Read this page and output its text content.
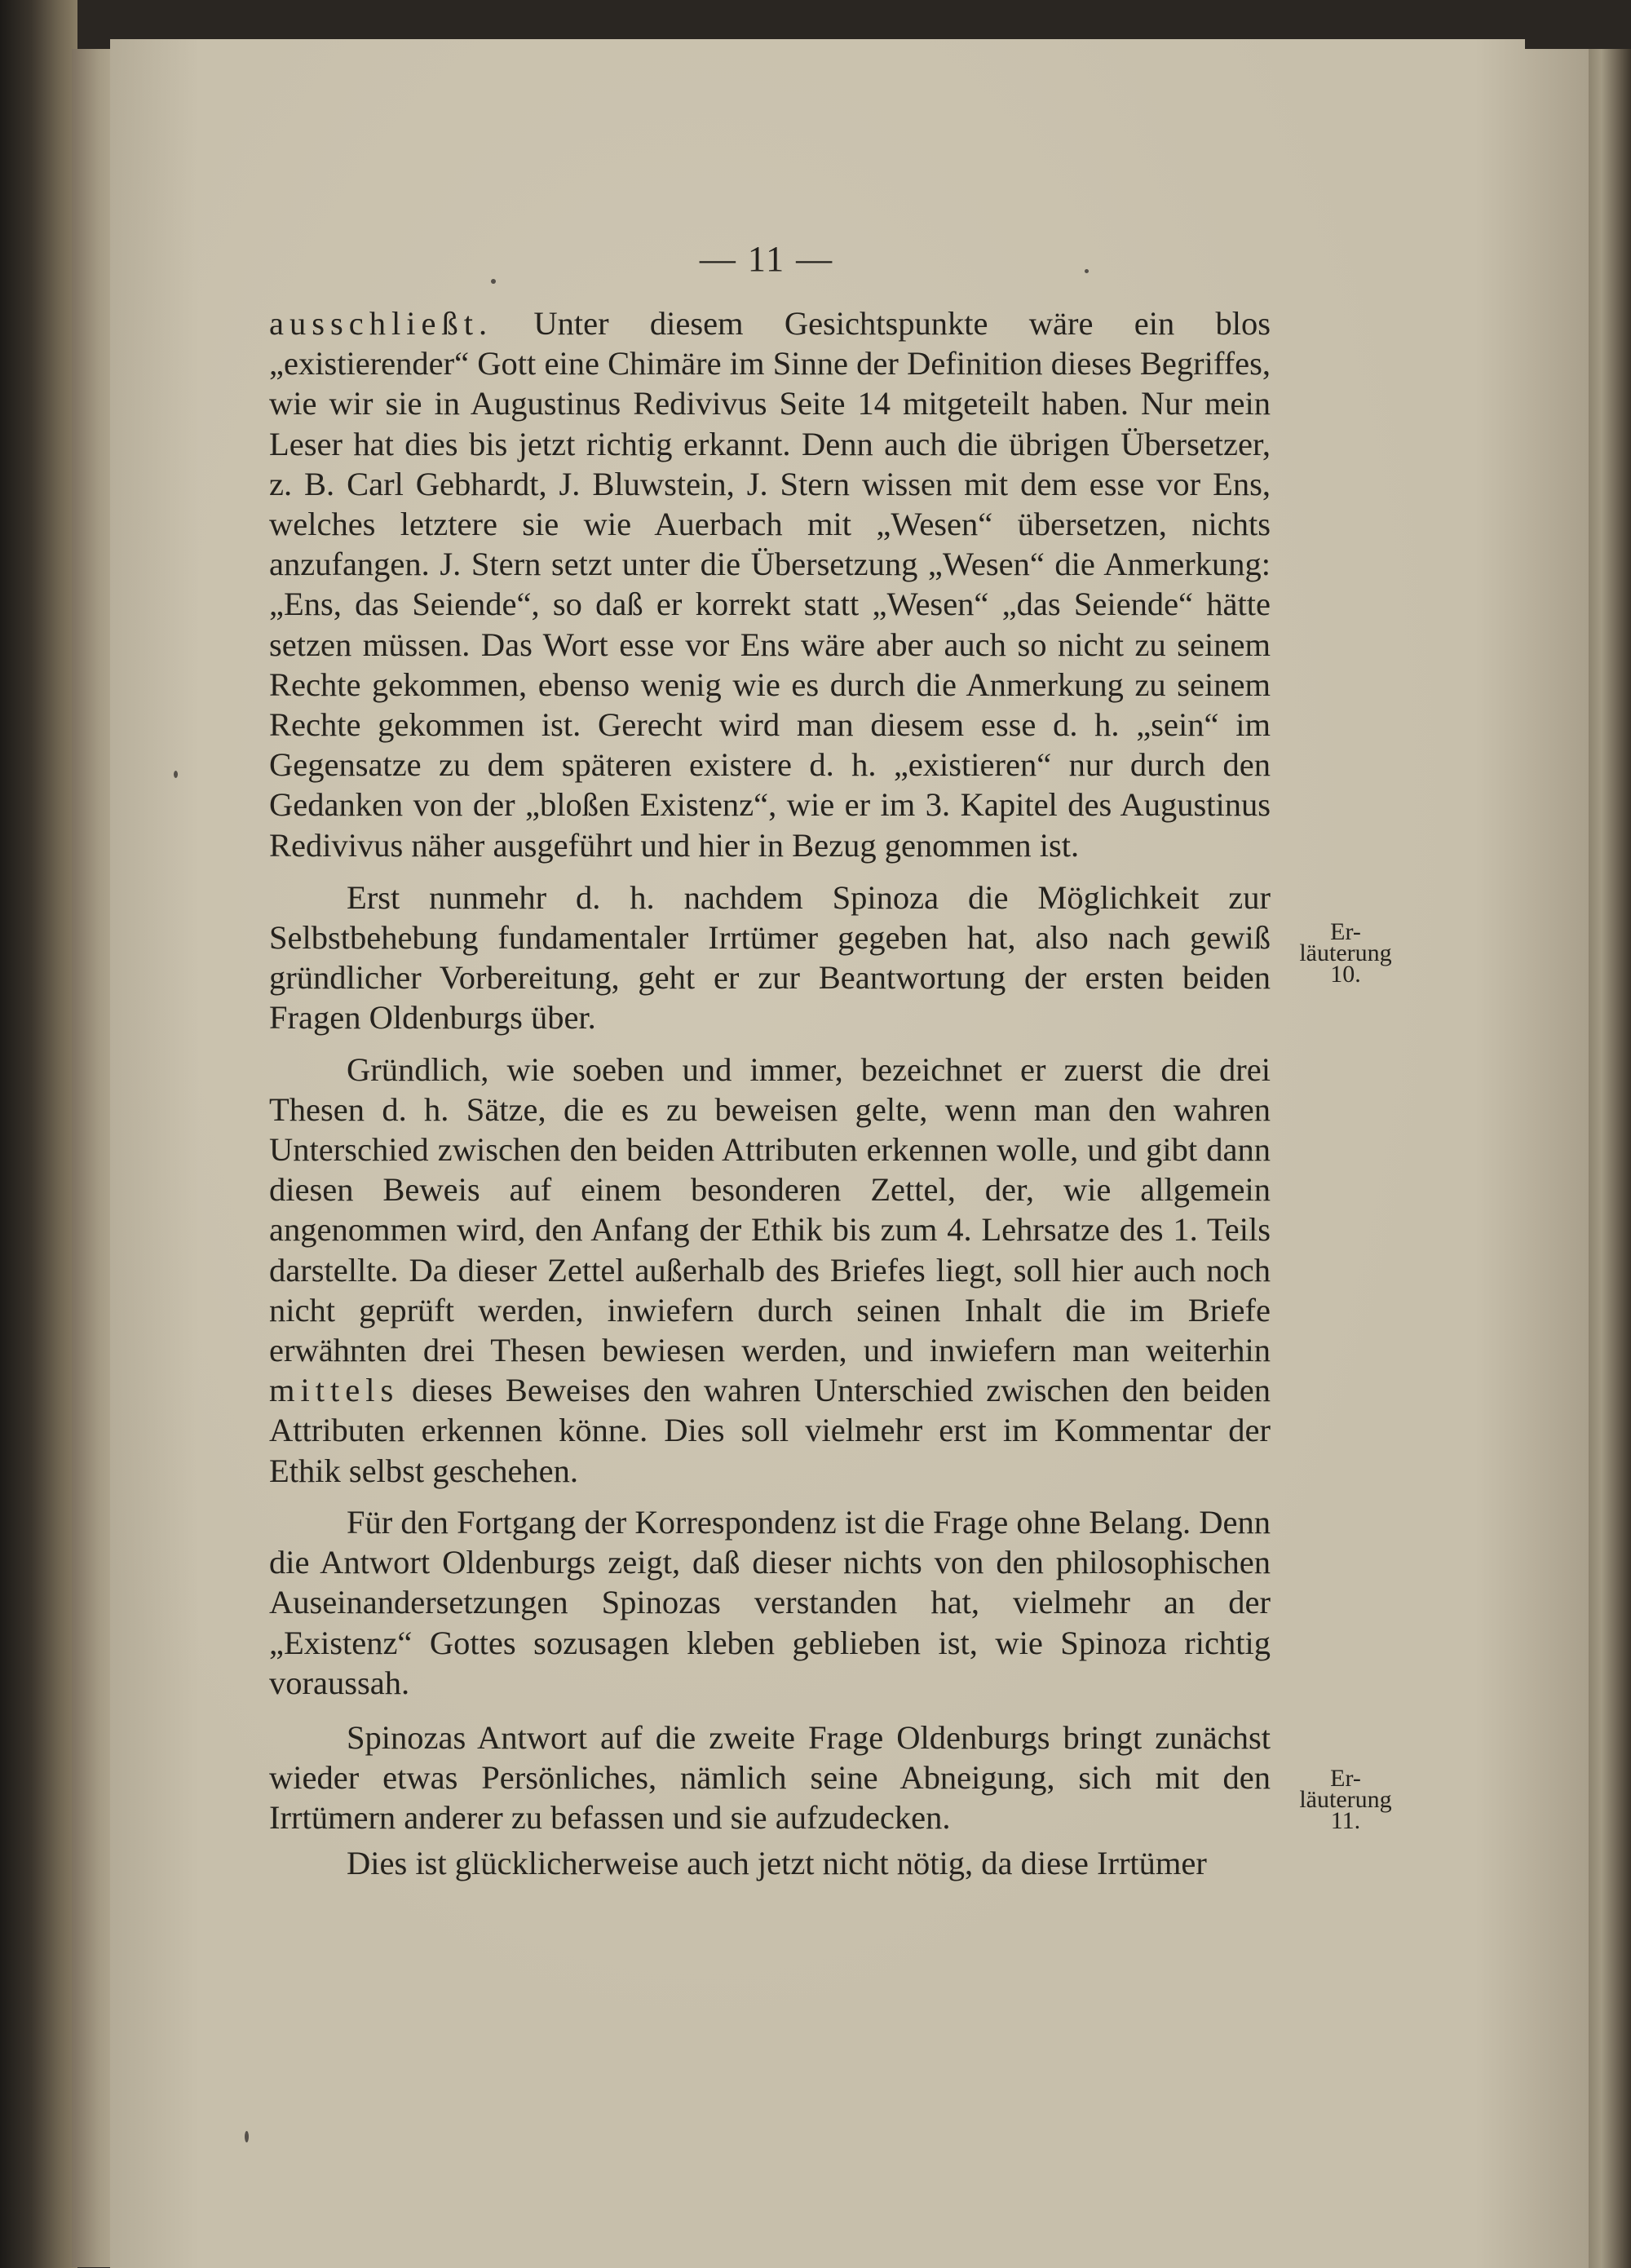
— 11 —

ausschließt. Unter diesem Gesichtspunkte wäre ein blos „existierender“ Gott eine Chimäre im Sinne der Definition dieses Begriffes, wie wir sie in Augustinus Redivivus Seite 14 mitgeteilt haben. Nur mein Leser hat dies bis jetzt richtig erkannt. Denn auch die übrigen Übersetzer, z. B. Carl Gebhardt, J. Bluwstein, J. Stern wissen mit dem esse vor Ens, welches letztere sie wie Auerbach mit „Wesen“ übersetzen, nichts anzufangen. J. Stern setzt unter die Übersetzung „Wesen“ die Anmerkung: „Ens, das Seiende“, so daß er korrekt statt „Wesen“ „das Seiende“ hätte setzen müssen. Das Wort esse vor Ens wäre aber auch so nicht zu seinem Rechte gekommen, ebenso wenig wie es durch die Anmerkung zu seinem Rechte gekommen ist. Gerecht wird man diesem esse d. h. „sein“ im Gegensatze zu dem späteren existere d. h. „existieren“ nur durch den Gedanken von der „bloßen Existenz“, wie er im 3. Kapitel des Augustinus Redivivus näher ausgeführt und hier in Bezug genommen ist.

Erst nunmehr d. h. nachdem Spinoza die Möglichkeit zur Selbstbehebung fundamentaler Irrtümer gegeben hat, also nach gewiß gründlicher Vorbereitung, geht er zur Beantwortung der ersten beiden Fragen Oldenburgs über.

Gründlich, wie soeben und immer, bezeichnet er zuerst die drei Thesen d. h. Sätze, die es zu beweisen gelte, wenn man den wahren Unterschied zwischen den beiden Attributen erkennen wolle, und gibt dann diesen Beweis auf einem besonderen Zettel, der, wie allgemein angenommen wird, den Anfang der Ethik bis zum 4. Lehrsatze des 1. Teils darstellte. Da dieser Zettel außerhalb des Briefes liegt, soll hier auch noch nicht geprüft werden, inwiefern durch seinen Inhalt die im Briefe erwähnten drei Thesen bewiesen werden, und inwiefern man weiterhin mittels dieses Beweises den wahren Unterschied zwischen den beiden Attributen erkennen könne. Dies soll vielmehr erst im Kommentar der Ethik selbst geschehen.

Für den Fortgang der Korrespondenz ist die Frage ohne Belang. Denn die Antwort Oldenburgs zeigt, daß dieser nichts von den philosophischen Auseinandersetzungen Spinozas verstanden hat, vielmehr an der „Existenz“ Gottes sozusagen kleben geblieben ist, wie Spinoza richtig voraussah.

Spinozas Antwort auf die zweite Frage Oldenburgs bringt zunächst wieder etwas Persönliches, nämlich seine Abneigung, sich mit den Irrtümern anderer zu befassen und sie aufzudecken.

Dies ist glücklicherweise auch jetzt nicht nötig, da diese Irrtümer

Er-
läuterung
10.
Er-
läuterung
11.
